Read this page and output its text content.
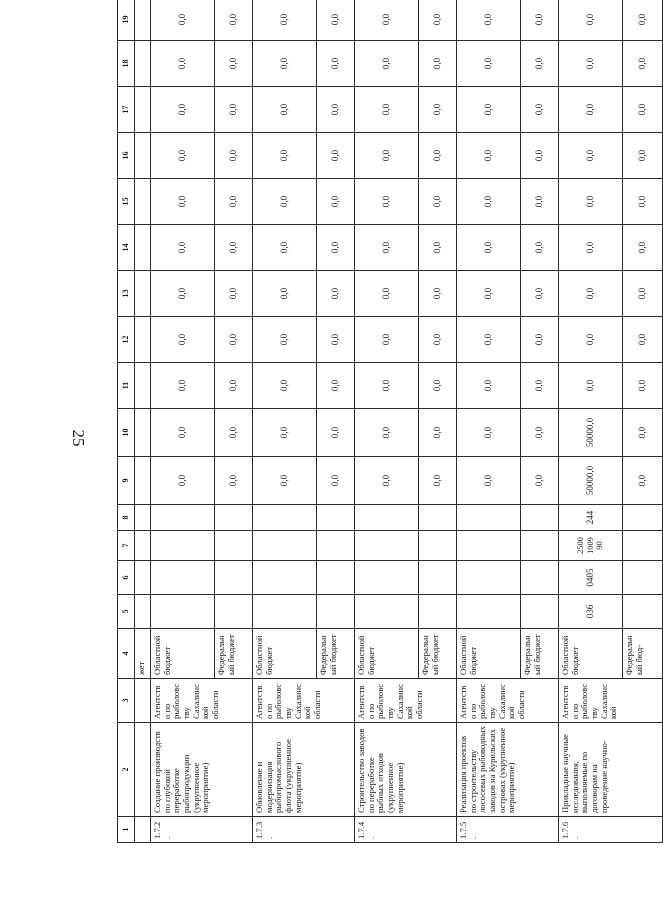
25
1	2	3	4	5	6	7	8	9	10	11	12	13	14	15	16	17	18	19
			жет															
1.7.2.	Создание производств по глубокой переработке рыбопродукции (укрупненное мероприятие)	Агентство по рыболовству Сахалинской области	Областной бюджет					0,0	0,0	0,0	0,0	0,0	0,0	0,0	0,0	0,0	0,0	0,0
			Федеральный бюджет					0,0	0,0	0,0	0,0	0,0	0,0	0,0	0,0	0,0	0,0	0,0
1.7.3.	Обновление и модернизация рыбопромыслового флота (укрупненное мероприятие)	Агентство по рыболовству Сахалинской области	Областной бюджет					0,0	0,0	0,0	0,0	0,0	0,0	0,0	0,0	0,0	0,0	0,0
			Федеральный бюджет					0,0	0,0	0,0	0,0	0,0	0,0	0,0	0,0	0,0	0,0	0,0
1.7.4.	Строительство заводов по переработке рыбных отходов (укрупненное мероприятие)	Агентство по рыболовству Сахалинской области	Областной бюджет					0,0	0,0	0,0	0,0	0,0	0,0	0,0	0,0	0,0	0,0	0,0
			Федеральный бюджет					0,0	0,0	0,0	0,0	0,0	0,0	0,0	0,0	0,0	0,0	0,0
1.7.5.	Реализация проектов по строительству лососевых рыбоводных заводов на Курильских островах (укрупненное мероприятие)	Агентство по рыболовству Сахалинской области	Областной бюджет					0,0	0,0	0,0	0,0	0,0	0,0	0,0	0,0	0,0	0,0	0,0
			Федеральный бюджет					0,0	0,0	0,0	0,0	0,0	0,0	0,0	0,0	0,0	0,0	0,0
1.7.6.	Прикладные научные исследования, выполняемые по договорам на проведение научно-	Агентство по рыболовству Сахалинской	Областной бюджет	036	0405	2500 1009 90	244	50000,0	50000,0	0,0	0,0	0,0	0,0	0,0	0,0	0,0	0,0	0,0
			Федеральный бюд-					0,0	0,0	0,0	0,0	0,0	0,0	0,0	0,0	0,0	0,0	0,0
